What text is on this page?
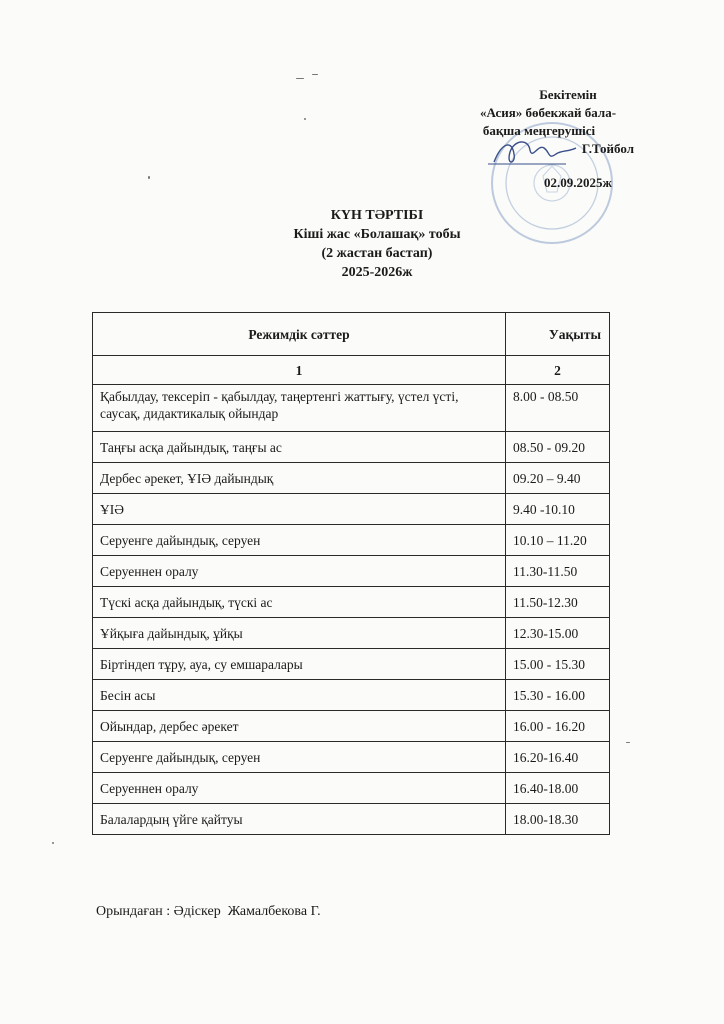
Бекітемін
«Асия» бөбекжай бала-
бақша меңгерушісі
Г.Тойбол
02.09.2025ж
КҮН ТӘРТІБІ
Кіші жас «Болашақ» тобы
(2 жастан бастап)
2025-2026ж
Режимдік сәттер	Уақыты
1	2
Қабылдау, тексеріп - қабылдау, таңертенгі жаттығу, үстел үсті, саусақ, дидактикалық ойындар	8.00 - 08.50
Таңғы асқа дайындық, таңғы ас	08.50 - 09.20
Дербес әрекет, ҰІӘ дайындық	09.20 – 9.40
ҰІӘ	9.40 -10.10
Серуенге дайындық, серуен	10.10 – 11.20
Серуеннен оралу	11.30-11.50
Түскі асқа дайындық, түскі ас	11.50-12.30
Ұйқыға дайындық, ұйқы	12.30-15.00
Біртіндеп тұру, ауа, су емшаралары	15.00 - 15.30
Бесін асы	15.30 - 16.00
Ойындар, дербес әрекет	16.00 - 16.20
Серуенге дайындық, серуен	16.20-16.40
Серуеннен оралу	16.40-18.00
Балалардың үйге қайтуы	18.00-18.30
Орындаған : Әдіскер  Жамалбекова Г.
